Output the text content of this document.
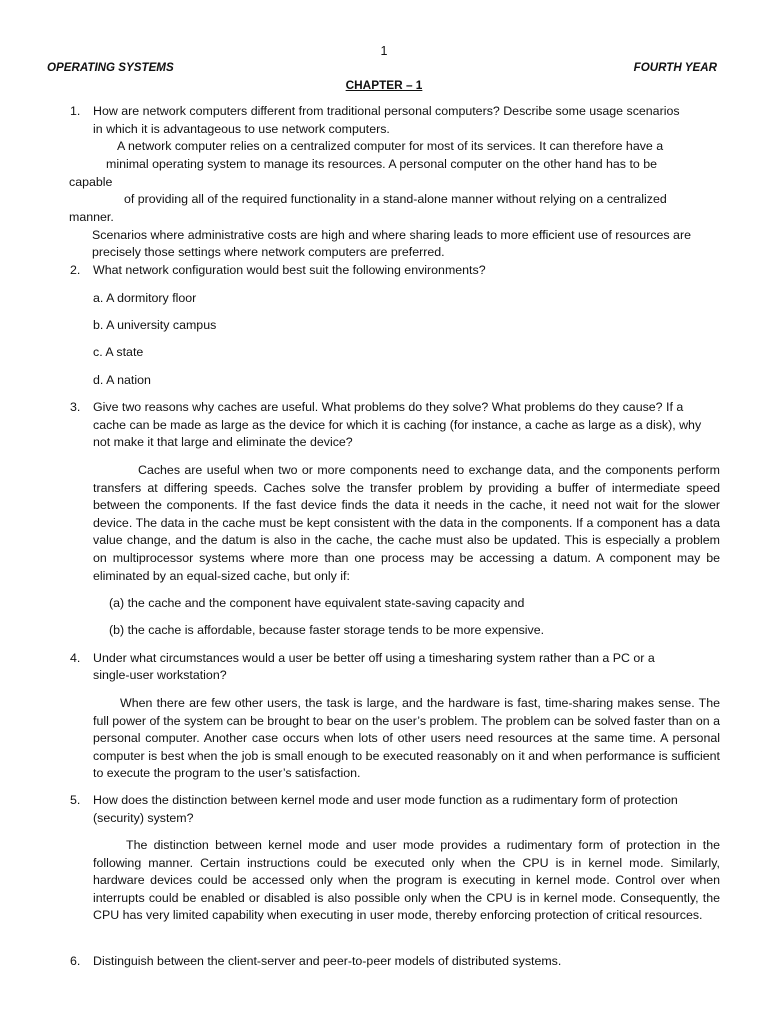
1
OPERATING SYSTEMS	FOURTH YEAR
CHAPTER – 1
1.	How are network computers different from traditional personal computers? Describe some usage scenarios
in which it is advantageous to use network computers.
A network computer relies on a centralized computer for most of its services. It can therefore have a
minimal operating system to manage its resources. A personal computer on the other hand has to be
capable
of providing all of the required functionality in a stand-alone manner without relying on a centralized
manner.
Scenarios where administrative costs are high and where sharing leads to more efficient use of resources are
precisely those settings where network computers are preferred.
2.	What network configuration would best suit the following environments?
a. A dormitory floor
b. A university campus
c. A state
d. A nation
3.	Give two reasons why caches are useful. What problems do they solve? What problems do they cause? If a
cache can be made as large as the device for which it is caching (for instance, a cache as large as a disk), why
not make it that large and eliminate the device?
Caches are useful when two or more components need to exchange data, and the components perform transfers at differing speeds. Caches solve the transfer problem by providing a buffer of intermediate speed between the components. If the fast device finds the data it needs in the cache, it need not wait for the slower device. The data in the cache must be kept consistent with the data in the components. If a component has a data value change, and the datum is also in the cache, the cache must also be updated. This is especially a problem on multiprocessor systems where more than one process may be accessing a datum. A component may be eliminated by an equal-sized cache, but only if:
(a) the cache and the component have equivalent state-saving capacity and
(b) the cache is affordable, because faster storage tends to be more expensive.
4.	Under what circumstances would a user be better off using a timesharing system rather than a PC or a
single-user workstation?
When there are few other users, the task is large, and the hardware is fast, time-sharing makes sense. The full power of the system can be brought to bear on the user’s problem. The problem can be solved faster than on a personal computer. Another case occurs when lots of other users need resources at the same time. A personal computer is best when the job is small enough to be executed reasonably on it and when performance is sufficient to execute the program to the user’s satisfaction.
5.	How does the distinction between kernel mode and user mode function as a rudimentary form of protection
(security) system?
The distinction between kernel mode and user mode provides a rudimentary form of protection in the following manner. Certain instructions could be executed only when the CPU is in kernel mode. Similarly, hardware devices could be accessed only when the program is executing in kernel mode. Control over when interrupts could be enabled or disabled is also possible only when the CPU is in kernel mode. Consequently, the CPU has very limited capability when executing in user mode, thereby enforcing protection of critical resources.
6.	Distinguish between the client-server and peer-to-peer models of distributed systems.
